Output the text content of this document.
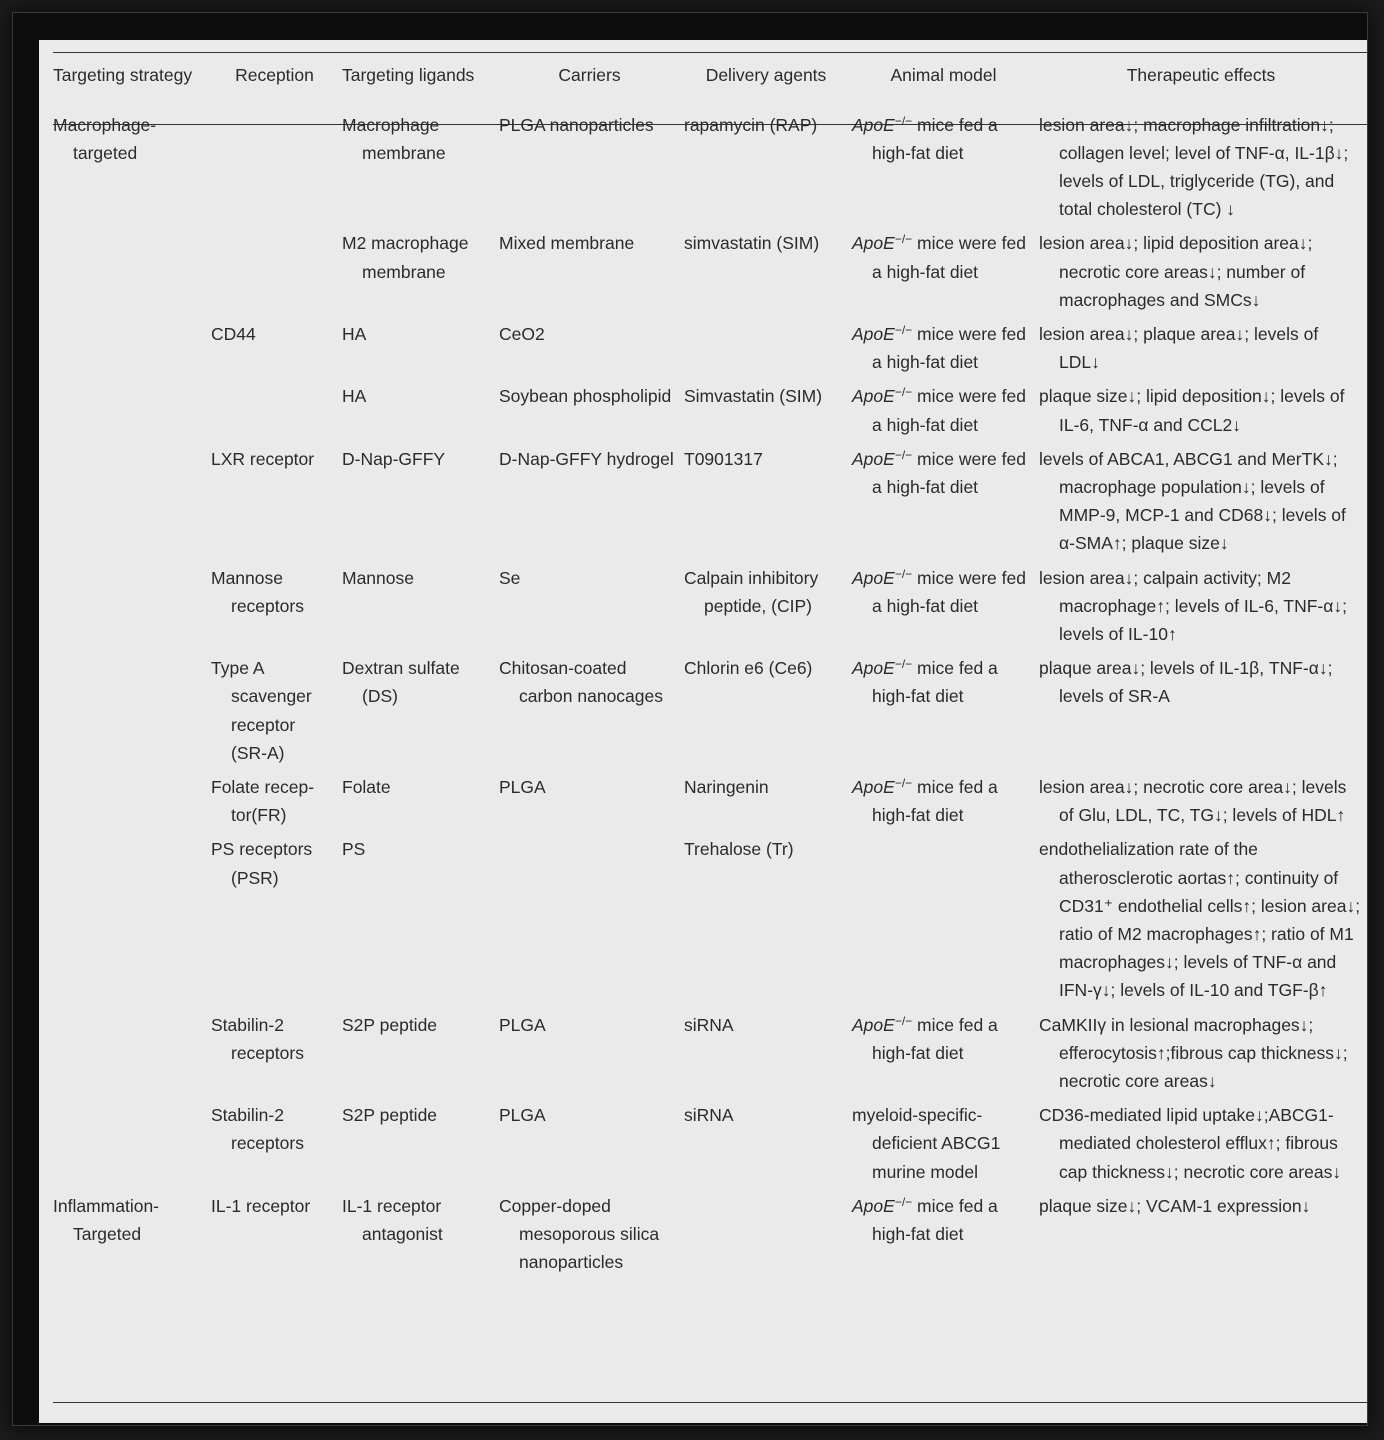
Targeting strategy	Reception	Targeting ligands	Carriers	Delivery agents	Animal model	Therapeutic effects

Macrophage-targeted		Macrophage membrane	PLGA nanoparticles	rapamycin (RAP)	ApoE−/− mice fed a high-fat diet	lesion area↓; macrophage infiltration↓; collagen level; level of TNF-α, IL-1β↓; levels of LDL, triglyceride (TG), and total cholesterol (TC) ↓

		M2 macrophage membrane	Mixed membrane	simvastatin (SIM)	ApoE−/− mice were fed a high-fat diet	lesion area↓; lipid deposition area↓; necrotic core areas↓; number of macrophages and SMCs↓

	CD44	HA	CeO2		ApoE−/− mice were fed a high-fat diet	lesion area↓; plaque area↓; levels of LDL↓

		HA	Soybean phospholipid	Simvastatin (SIM)	ApoE−/− mice were fed a high-fat diet	plaque size↓; lipid deposition↓; levels of IL-6, TNF-α and CCL2↓

	LXR receptor	D-Nap-GFFY	D-Nap-GFFY hydrogel	T0901317	ApoE−/− mice were fed a high-fat diet	levels of ABCA1, ABCG1 and MerTK↓; macrophage population↓; levels of MMP-9, MCP-1 and CD68↓; levels of α-SMA↑; plaque size↓

	Mannose receptors	Mannose	Se	Calpain inhibitory peptide, (CIP)	ApoE−/− mice were fed a high-fat diet	lesion area↓; calpain activity; M2 macrophage↑; levels of IL-6, TNF-α↓; levels of IL-10↑

	Type A scavenger receptor (SR-A)	Dextran sulfate (DS)	Chitosan-coated carbon nanocages	Chlorin e6 (Ce6)	ApoE−/− mice fed a high-fat diet	plaque area↓; levels of IL-1β, TNF-α↓; levels of SR-A

	Folate recep-tor(FR)	Folate	PLGA	Naringenin	ApoE−/− mice fed a high-fat diet	lesion area↓; necrotic core area↓; levels of Glu, LDL, TC, TG↓; levels of HDL↑

	PS receptors (PSR)	PS		Trehalose (Tr)		endothelialization rate of the atherosclerotic aortas↑; continuity of CD31⁺ endothelial cells↑; lesion area↓; ratio of M2 macrophages↑; ratio of M1 macrophages↓; levels of TNF-α and IFN-γ↓; levels of IL-10 and TGF-β↑

	Stabilin-2 receptors	S2P peptide	PLGA	siRNA	ApoE−/− mice fed a high-fat diet	CaMKIIγ in lesional macrophages↓; efferocytosis↑;fibrous cap thickness↓; necrotic core areas↓

	Stabilin-2 receptors	S2P peptide	PLGA	siRNA	myeloid-specific-deficient ABCG1 murine model	CD36-mediated lipid uptake↓;ABCG1-mediated cholesterol efflux↑; fibrous cap thickness↓; necrotic core areas↓

Inflammation-Targeted	IL-1 receptor	IL-1 receptor antagonist	Copper-doped mesoporous silica nanoparticles		ApoE−/− mice fed a high-fat diet	plaque size↓; VCAM-1 expression↓
